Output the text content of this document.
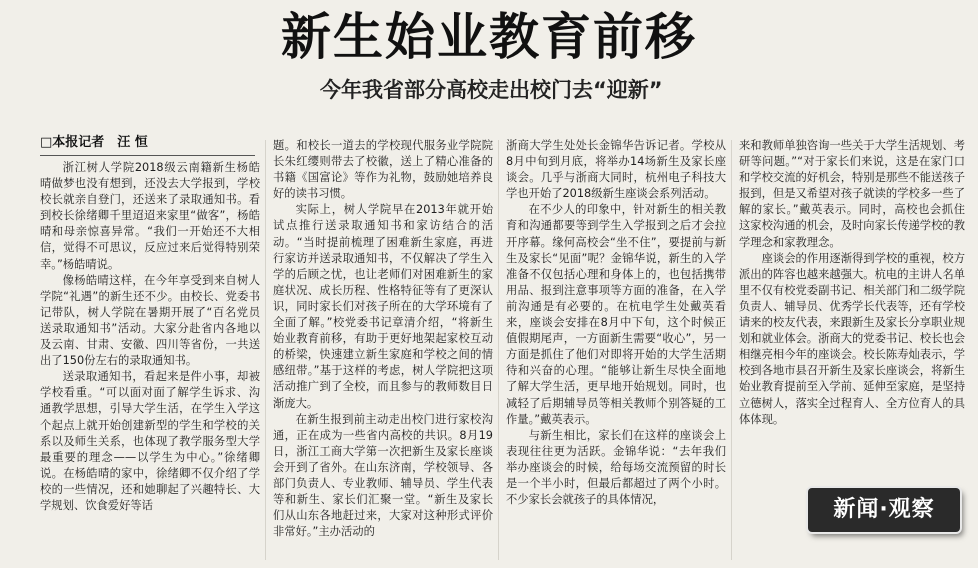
新生始业教育前移
今年我省部分高校走出校门去“迎新”
□本报记者　汪 恒

浙江树人学院2018级云南籍新生杨皓晴做梦也没有想到，还没去大学报到，学校校长就亲自登门，还送来了录取通知书。看到校长徐绪卿千里迢迢来家里“做客”，杨皓晴和母亲惊喜异常。“我们一开始还不大相信，觉得不可思议，反应过来后觉得特别荣幸。”杨皓晴说。

像杨皓晴这样，在今年享受到来自树人学院“礼遇”的新生还不少。由校长、党委书记带队，树人学院在暑期开展了“百名党员送录取通知书”活动。大家分赴省内各地以及云南、甘肃、安徽、四川等省份，一共送出了150份左右的录取通知书。

送录取通知书，看起来是件小事，却被学校看重。“可以面对面了解学生诉求、沟通教学思想，引导大学生活，在学生入学这个起点上就开始创建新型的学生和学校的关系以及师生关系，也体现了教学服务型大学最重要的理念——以学生为中心。”徐绪卿说。在杨皓晴的家中，徐绪卿不仅介绍了学校的一些情况，还和她聊起了兴趣特长、大学规划、饮食爱好等话

题。和校长一道去的学校现代服务业学院院长朱红缨则带去了校徽，送上了精心准备的书籍《国富论》等作为礼物，鼓励她培养良好的读书习惯。

实际上，树人学院早在2013年就开始试点推行送录取通知书和家访结合的活动。“当时提前梳理了困难新生家庭，再进行家访并送录取通知书，不仅解决了学生入学的后顾之忧，也让老师们对困难新生的家庭状况、成长历程、性格特征等有了更深认识，同时家长们对孩子所在的大学环境有了全面了解。”校党委书记章清介绍，“将新生始业教育前移，有助于更好地架起家校互动的桥梁，快速建立新生家庭和学校之间的情感纽带。”基于这样的考虑，树人学院把这项活动推广到了全校，而且参与的教师数目日渐庞大。

在新生报到前主动走出校门进行家校沟通，正在成为一些省内高校的共识。8月19日，浙江工商大学第一次把新生及家长座谈会开到了省外。在山东济南，学校领导、各部门负责人、专业教师、辅导员、学生代表等和新生、家长们汇聚一堂。“新生及家长们从山东各地赶过来，大家对这种形式评价非常好。”主办活动的

浙商大学生处处长金锦华告诉记者。学校从8月中旬到月底，将举办14场新生及家长座谈会。几乎与浙商大同时，杭州电子科技大学也开始了2018级新生座谈会系列活动。

在不少人的印象中，针对新生的相关教育和沟通都要等到学生入学报到之后才会拉开序幕。缘何高校会“坐不住”，要提前与新生及家长“见面”呢？金锦华说，新生的入学准备不仅包括心理和身体上的，也包括携带用品、报到注意事项等方面的准备，在入学前沟通是有必要的。在杭电学生处戴英看来，座谈会安排在8月中下旬，这个时候正值假期尾声，一方面新生需要“收心”，另一方面是抓住了他们对即将开始的大学生活期待和兴奋的心理。“能够让新生尽快全面地了解大学生活，更早地开始规划。同时，也减轻了后期辅导员等相关教师个别答疑的工作量。”戴英表示。

与新生相比，家长们在这样的座谈会上表现往往更为活跃。金锦华说：“去年我们举办座谈会的时候，给每场交流预留的时长是一个半小时，但最后都超过了两个小时。不少家长会就孩子的具体情况，

来和教师单独咨询一些关于大学生活规划、考研等问题。”“对于家长们来说，这是在家门口和学校交流的好机会，特别是那些不能送孩子报到，但是又希望对孩子就读的学校多一些了解的家长。”戴英表示。同时，高校也会抓住这家校沟通的机会，及时向家长传递学校的教学理念和家教理念。

座谈会的作用逐渐得到学校的重视，校方派出的阵容也越来越强大。杭电的主讲人名单里不仅有校党委副书记、相关部门和二级学院负责人、辅导员、优秀学长代表等，还有学校请来的校友代表，来跟新生及家长分享职业规划和就业体会。浙商大的党委书记、校长也会相继亮相今年的座谈会。校长陈寿灿表示，学校到各地市县召开新生及家长座谈会，将新生始业教育提前至入学前、延伸至家庭，是坚持立德树人，落实全过程育人、全方位育人的具体体现。

新闻·观察
